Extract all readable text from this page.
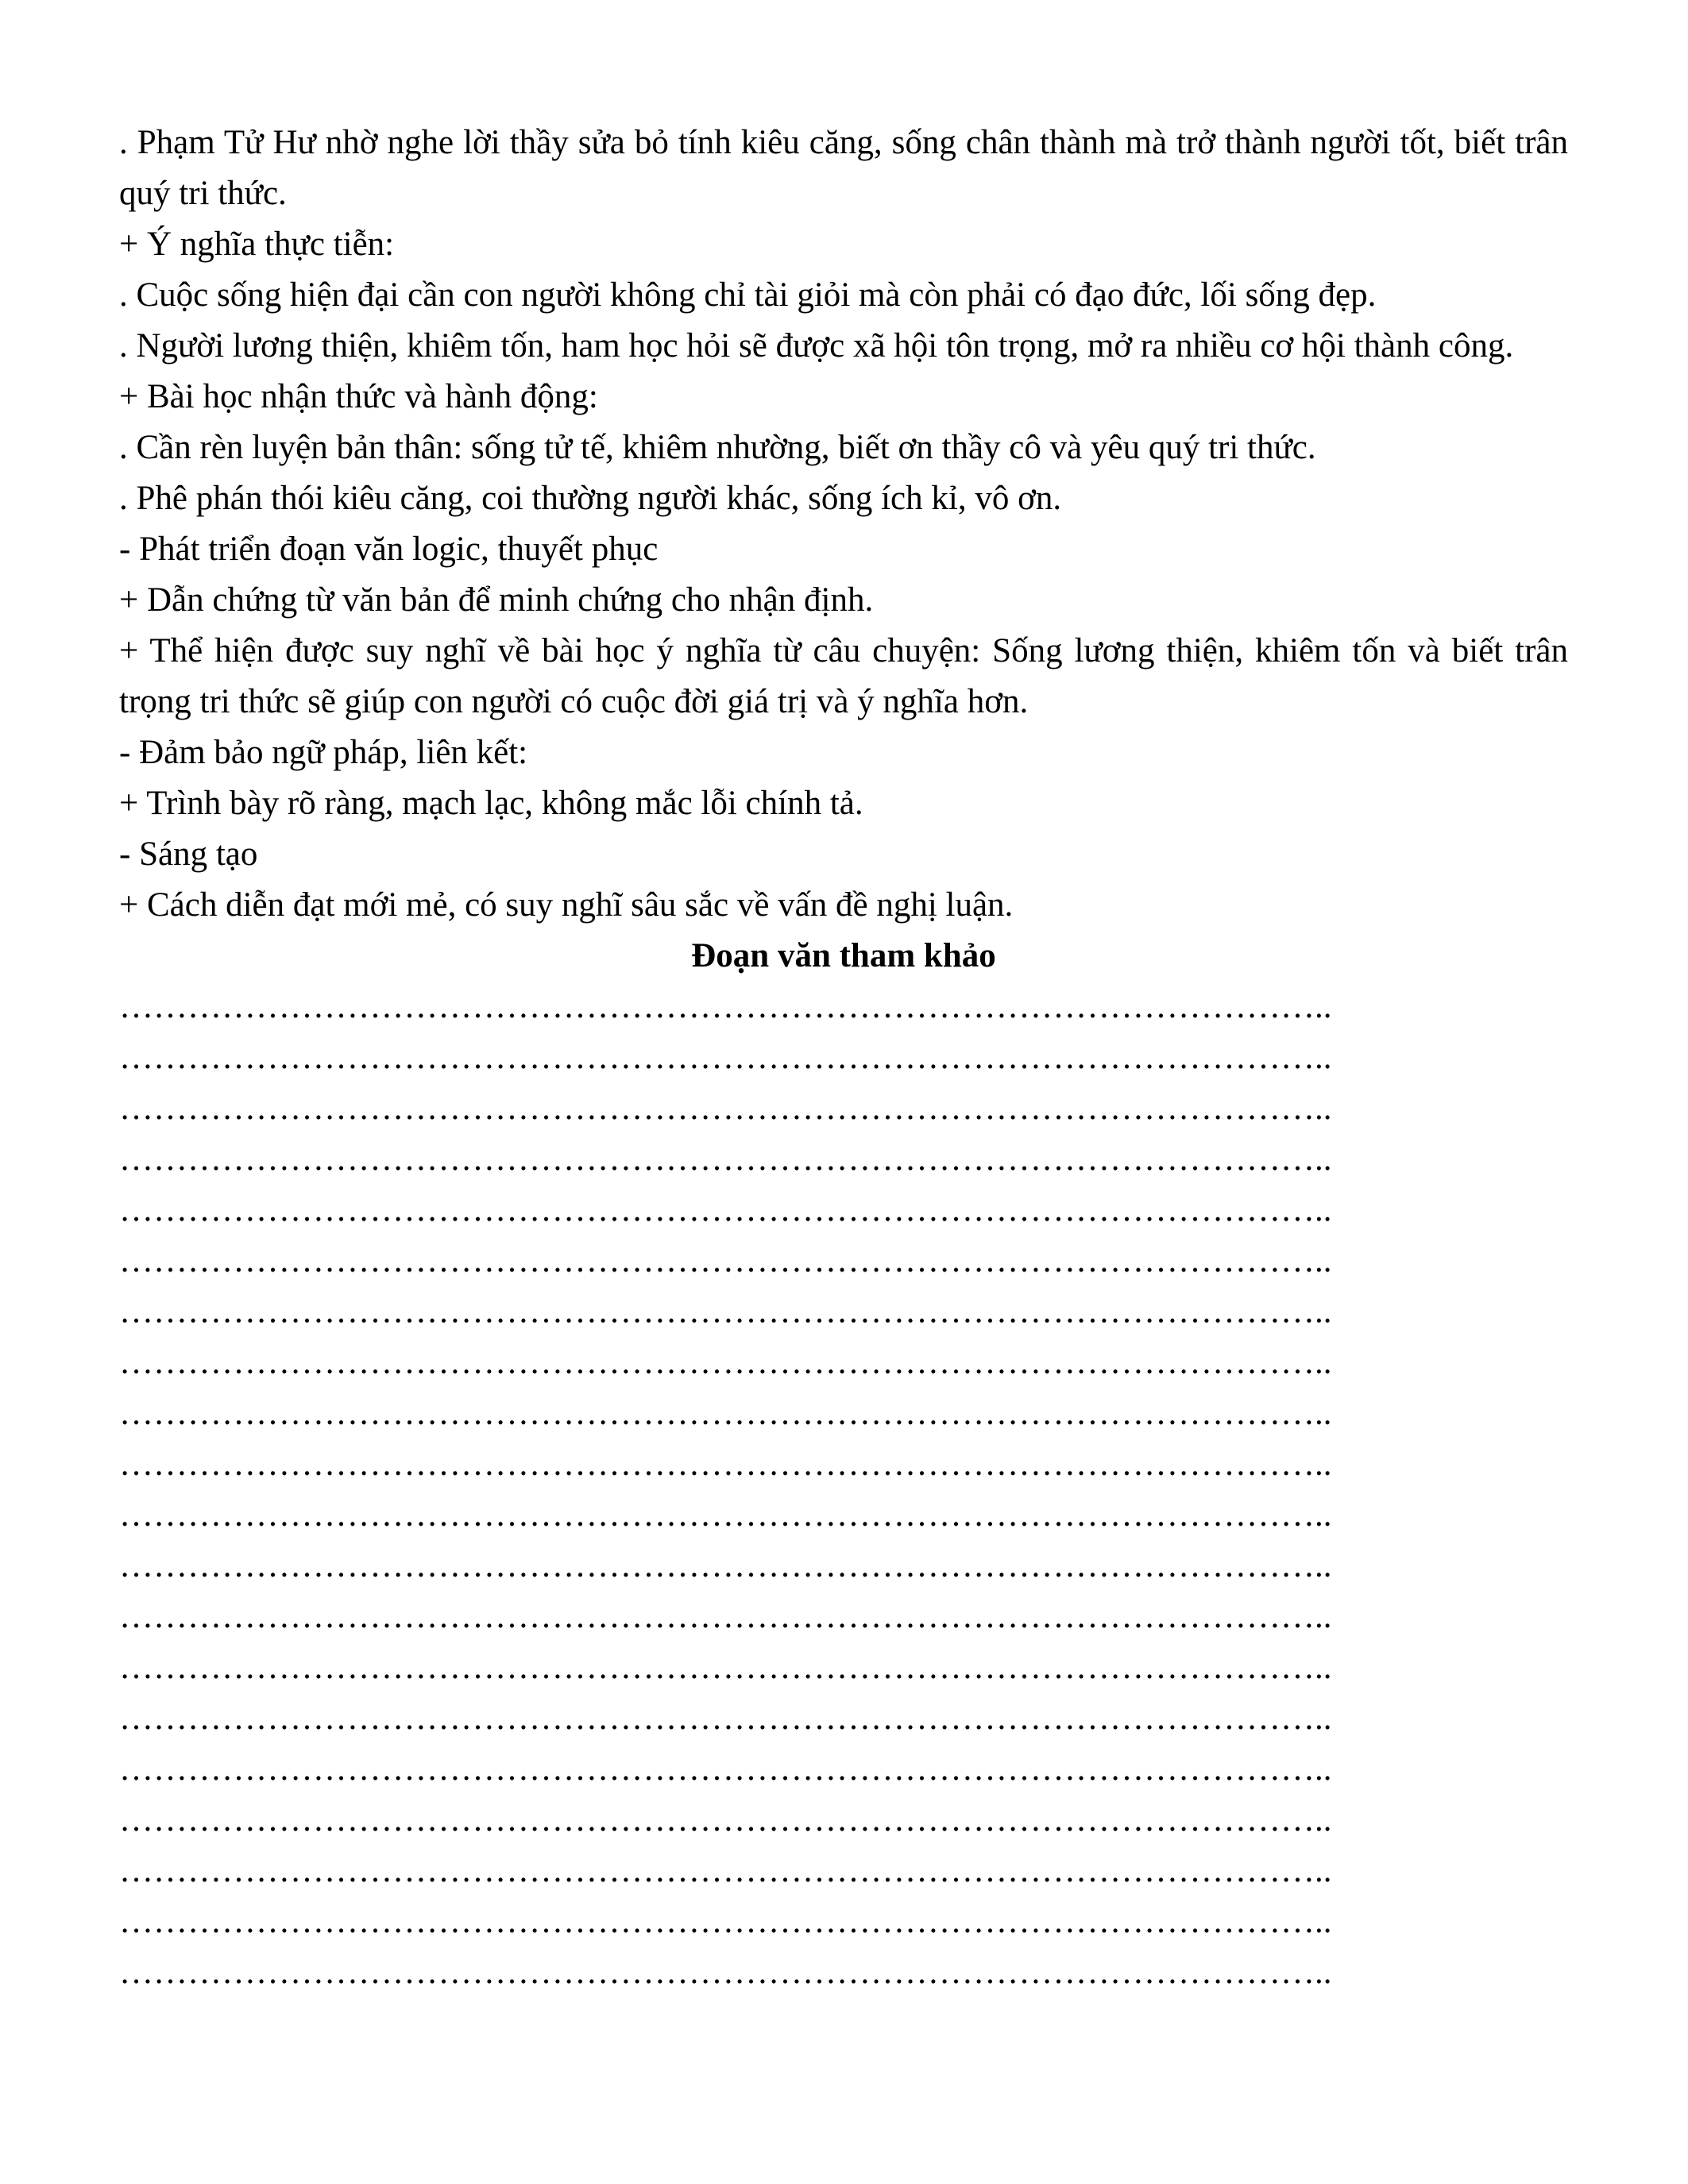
. Phạm Tử Hư nhờ nghe lời thầy sửa bỏ tính kiêu căng, sống chân thành mà trở thành người tốt, biết trân quý tri thức.

+ Ý nghĩa thực tiễn:

. Cuộc sống hiện đại cần con người không chỉ tài giỏi mà còn phải có đạo đức, lối sống đẹp.

. Người lương thiện, khiêm tốn, ham học hỏi sẽ được xã hội tôn trọng, mở ra nhiều cơ hội thành công.

+ Bài học nhận thức và hành động:

. Cần rèn luyện bản thân: sống tử tế, khiêm nhường, biết ơn thầy cô và yêu quý tri thức.

. Phê phán thói kiêu căng, coi thường người khác, sống ích kỉ, vô ơn.

- Phát triển đoạn văn logic, thuyết phục

+ Dẫn chứng từ văn bản để minh chứng cho nhận định.

+ Thể hiện được suy nghĩ về bài học ý nghĩa từ câu chuyện: Sống lương thiện, khiêm tốn và biết trân trọng tri thức sẽ giúp con người có cuộc đời giá trị và ý nghĩa hơn.

- Đảm bảo ngữ pháp, liên kết:

+ Trình bày rõ ràng, mạch lạc, không mắc lỗi chính tả.

- Sáng tạo

+ Cách diễn đạt mới mẻ, có suy nghĩ sâu sắc về vấn đề nghị luận.

Đoạn văn tham khảo

……………………………………………………………………………………………..
……………………………………………………………………………………………..
……………………………………………………………………………………………..
……………………………………………………………………………………………..
……………………………………………………………………………………………..
……………………………………………………………………………………………..
……………………………………………………………………………………………..
……………………………………………………………………………………………..
……………………………………………………………………………………………..
……………………………………………………………………………………………..
……………………………………………………………………………………………..
……………………………………………………………………………………………..
……………………………………………………………………………………………..
……………………………………………………………………………………………..
……………………………………………………………………………………………..
……………………………………………………………………………………………..
……………………………………………………………………………………………..
……………………………………………………………………………………………..
……………………………………………………………………………………………..
……………………………………………………………………………………………..
